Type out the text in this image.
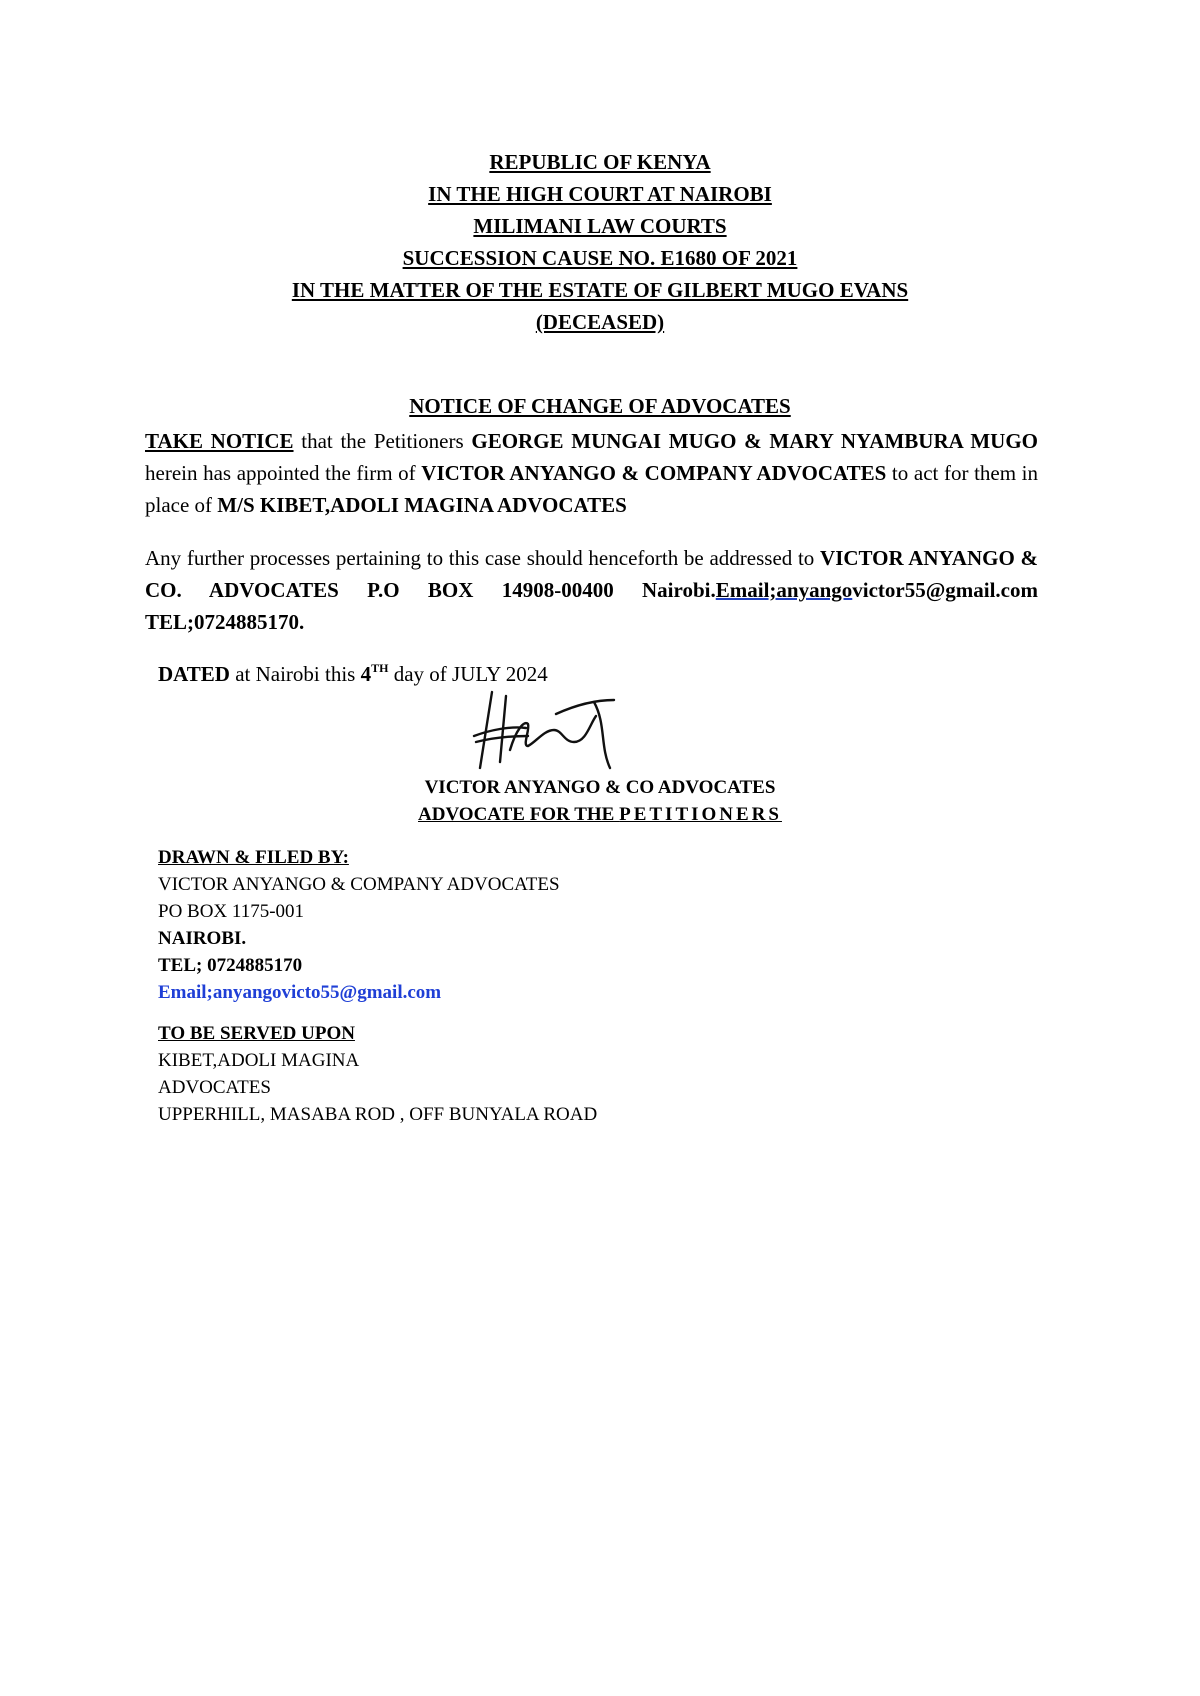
REPUBLIC OF KENYA
IN THE HIGH COURT AT NAIROBI
MILIMANI LAW COURTS
SUCCESSION CAUSE NO. E1680 OF 2021
IN THE MATTER OF THE ESTATE OF GILBERT MUGO EVANS
(DECEASED)
NOTICE OF CHANGE OF ADVOCATES
TAKE NOTICE that the Petitioners GEORGE MUNGAI MUGO & MARY NYAMBURA MUGO herein has appointed the firm of VICTOR ANYANGO & COMPANY ADVOCATES to act for them in place of M/S KIBET,ADOLI MAGINA ADVOCATES
Any further processes pertaining to this case should henceforth be addressed to VICTOR ANYANGO & CO. ADVOCATES P.O BOX 14908-00400 Nairobi.Email;anyangovictor55@gmail.com TEL;0724885170.
DATED at Nairobi this 4TH day of JULY 2024
VICTOR ANYANGO & CO ADVOCATES
ADVOCATE FOR THE PETITIONERS
DRAWN & FILED BY:
VICTOR ANYANGO & COMPANY ADVOCATES
PO BOX 1175-001
NAIROBI.
TEL; 0724885170
Email;anyangovicto55@gmail.com
TO BE SERVED UPON
KIBET,ADOLI MAGINA
ADVOCATES
UPPERHILL, MASABA ROD , OFF BUNYALA ROAD
